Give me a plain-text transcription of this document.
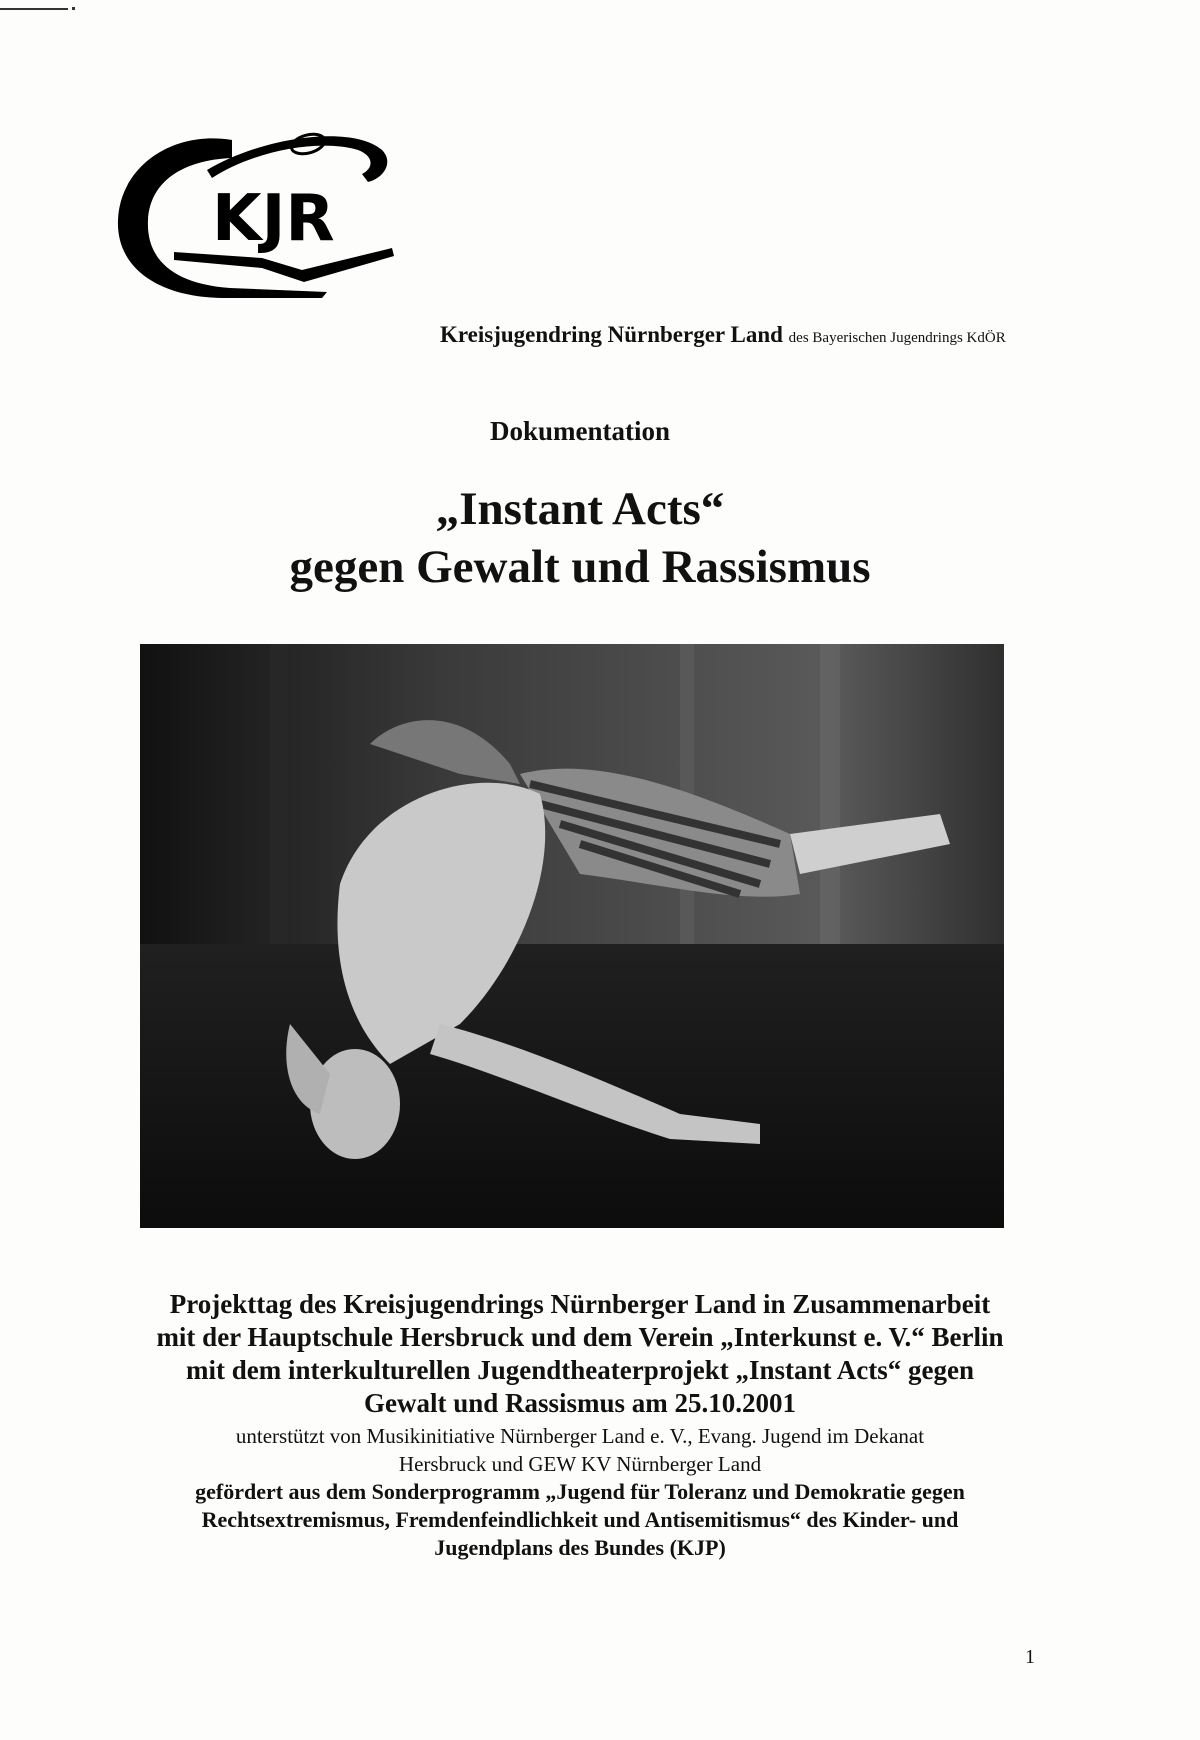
KJR
Kreisjugendring Nürnberger Land des Bayerischen Jugendrings KdÖR
Dokumentation
„Instant Acts“
gegen Gewalt und Rassismus
Projekttag des Kreisjugendrings Nürnberger Land in Zusammenarbeit
mit der Hauptschule Hersbruck und dem Verein „Interkunst e. V.“ Berlin
mit dem interkulturellen Jugendtheaterprojekt „Instant Acts“ gegen
Gewalt und Rassismus am 25.10.2001
unterstützt von Musikinitiative Nürnberger Land e. V., Evang. Jugend im Dekanat
Hersbruck und GEW KV Nürnberger Land
gefördert aus dem Sonderprogramm „Jugend für Toleranz und Demokratie gegen
Rechtsextremismus, Fremdenfeindlichkeit und Antisemitismus“ des Kinder- und
Jugendplans des Bundes (KJP)
1
